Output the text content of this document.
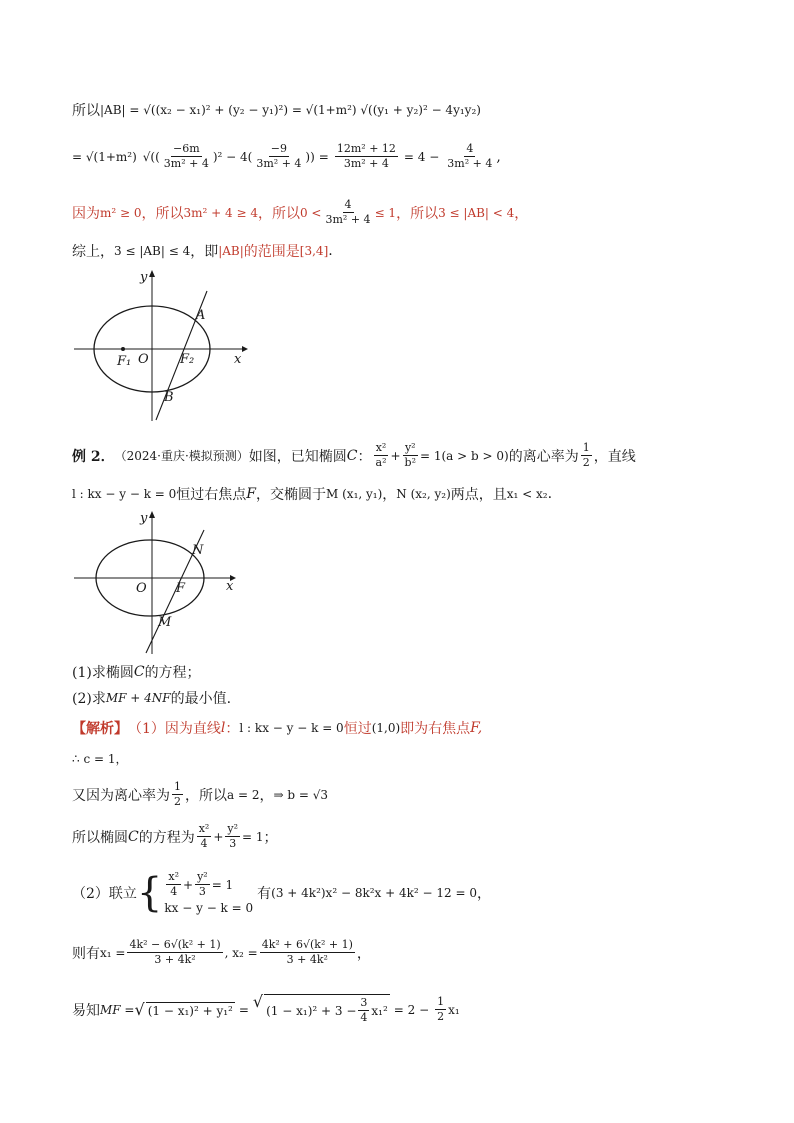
所以 |AB| = √((x₂ − x₁)² + (y₂ − y₁)²) = √(1+m²) √((y₁ + y₂)² − 4y₁y₂)
= √(1+m²) √(( $\frac{-6m}{\text{3m² + 4}}$ ) ² − 4 ( $\frac{-9}{\text{3m² + 4}}$ )) = $\frac{\text{12m² + 12}}{\text{3m² + 4}} = 4 - \frac{4}{\text{3m² + 4}}$ ,
因为 m² ≥ 0 ，所以 3m² + 4 ≥ 4 ，所以 $0 < \frac{4}{\text{3m² + 4}} \le 1$ ，所以 3 ≤ |AB| < 4 ，
综上， 3 ≤ |AB| ≤ 4 ，即 |AB| 的范围是 [3,4] .
y
x
O
F₁	F₂
A
B
例 2． （2024·重庆·模拟预测） 如图，已知椭圆 C ： $\frac{\text{x²}}{\text{a²}} + \frac{\text{y²}}{\text{b²}} = 1(a > b > 0)$ 的离心率为 $\frac{1}{2}$ ，直线
l : kx − y − k = 0 恒过右焦点 F ，交椭圆于 M (x₁, y₁) ， N (x₂, y₂) 两点，且 x₁ < x₂ .
y
x
O F
N
M
(1)求椭圆 C 的方程；
(2)求 MF + 4NF 的最小值.
【解析】 （1）因为直线 l ： l : kx − y − k = 0 恒过 (1,0) 即为右焦点 F,
∴ c = 1，
又因为离心率为 $\frac{1}{2}$ ，所以 a = 2 ， ⇒ b = √3
所以椭圆 C 的方程为 $\frac{\text{x²}}{4} + \frac{\text{y²}}{3} = 1$ ；
（2）联立 { $\frac{\text{x²}}{4} + \frac{\text{y²}}{3} = 1$
kx − y − k = 0
有 (3 + 4k²)x² − 8k²x + 4k² − 12 = 0 ，
则有 $x_1 = \frac{\text{4k² − 6√(k² + 1)}}{\text{3 + 4k²}}$ , $x_2 = \frac{\text{4k² + 6√(k² + 1)}}{\text{3 + 4k²}}$ ，
易知 MF = √ (1 − x₁)² + y₁² = √ $(1 - x_1)^2 + 3 - \frac{3}{4} x_1^2 = 2 - \frac{1}{2} x_1$
